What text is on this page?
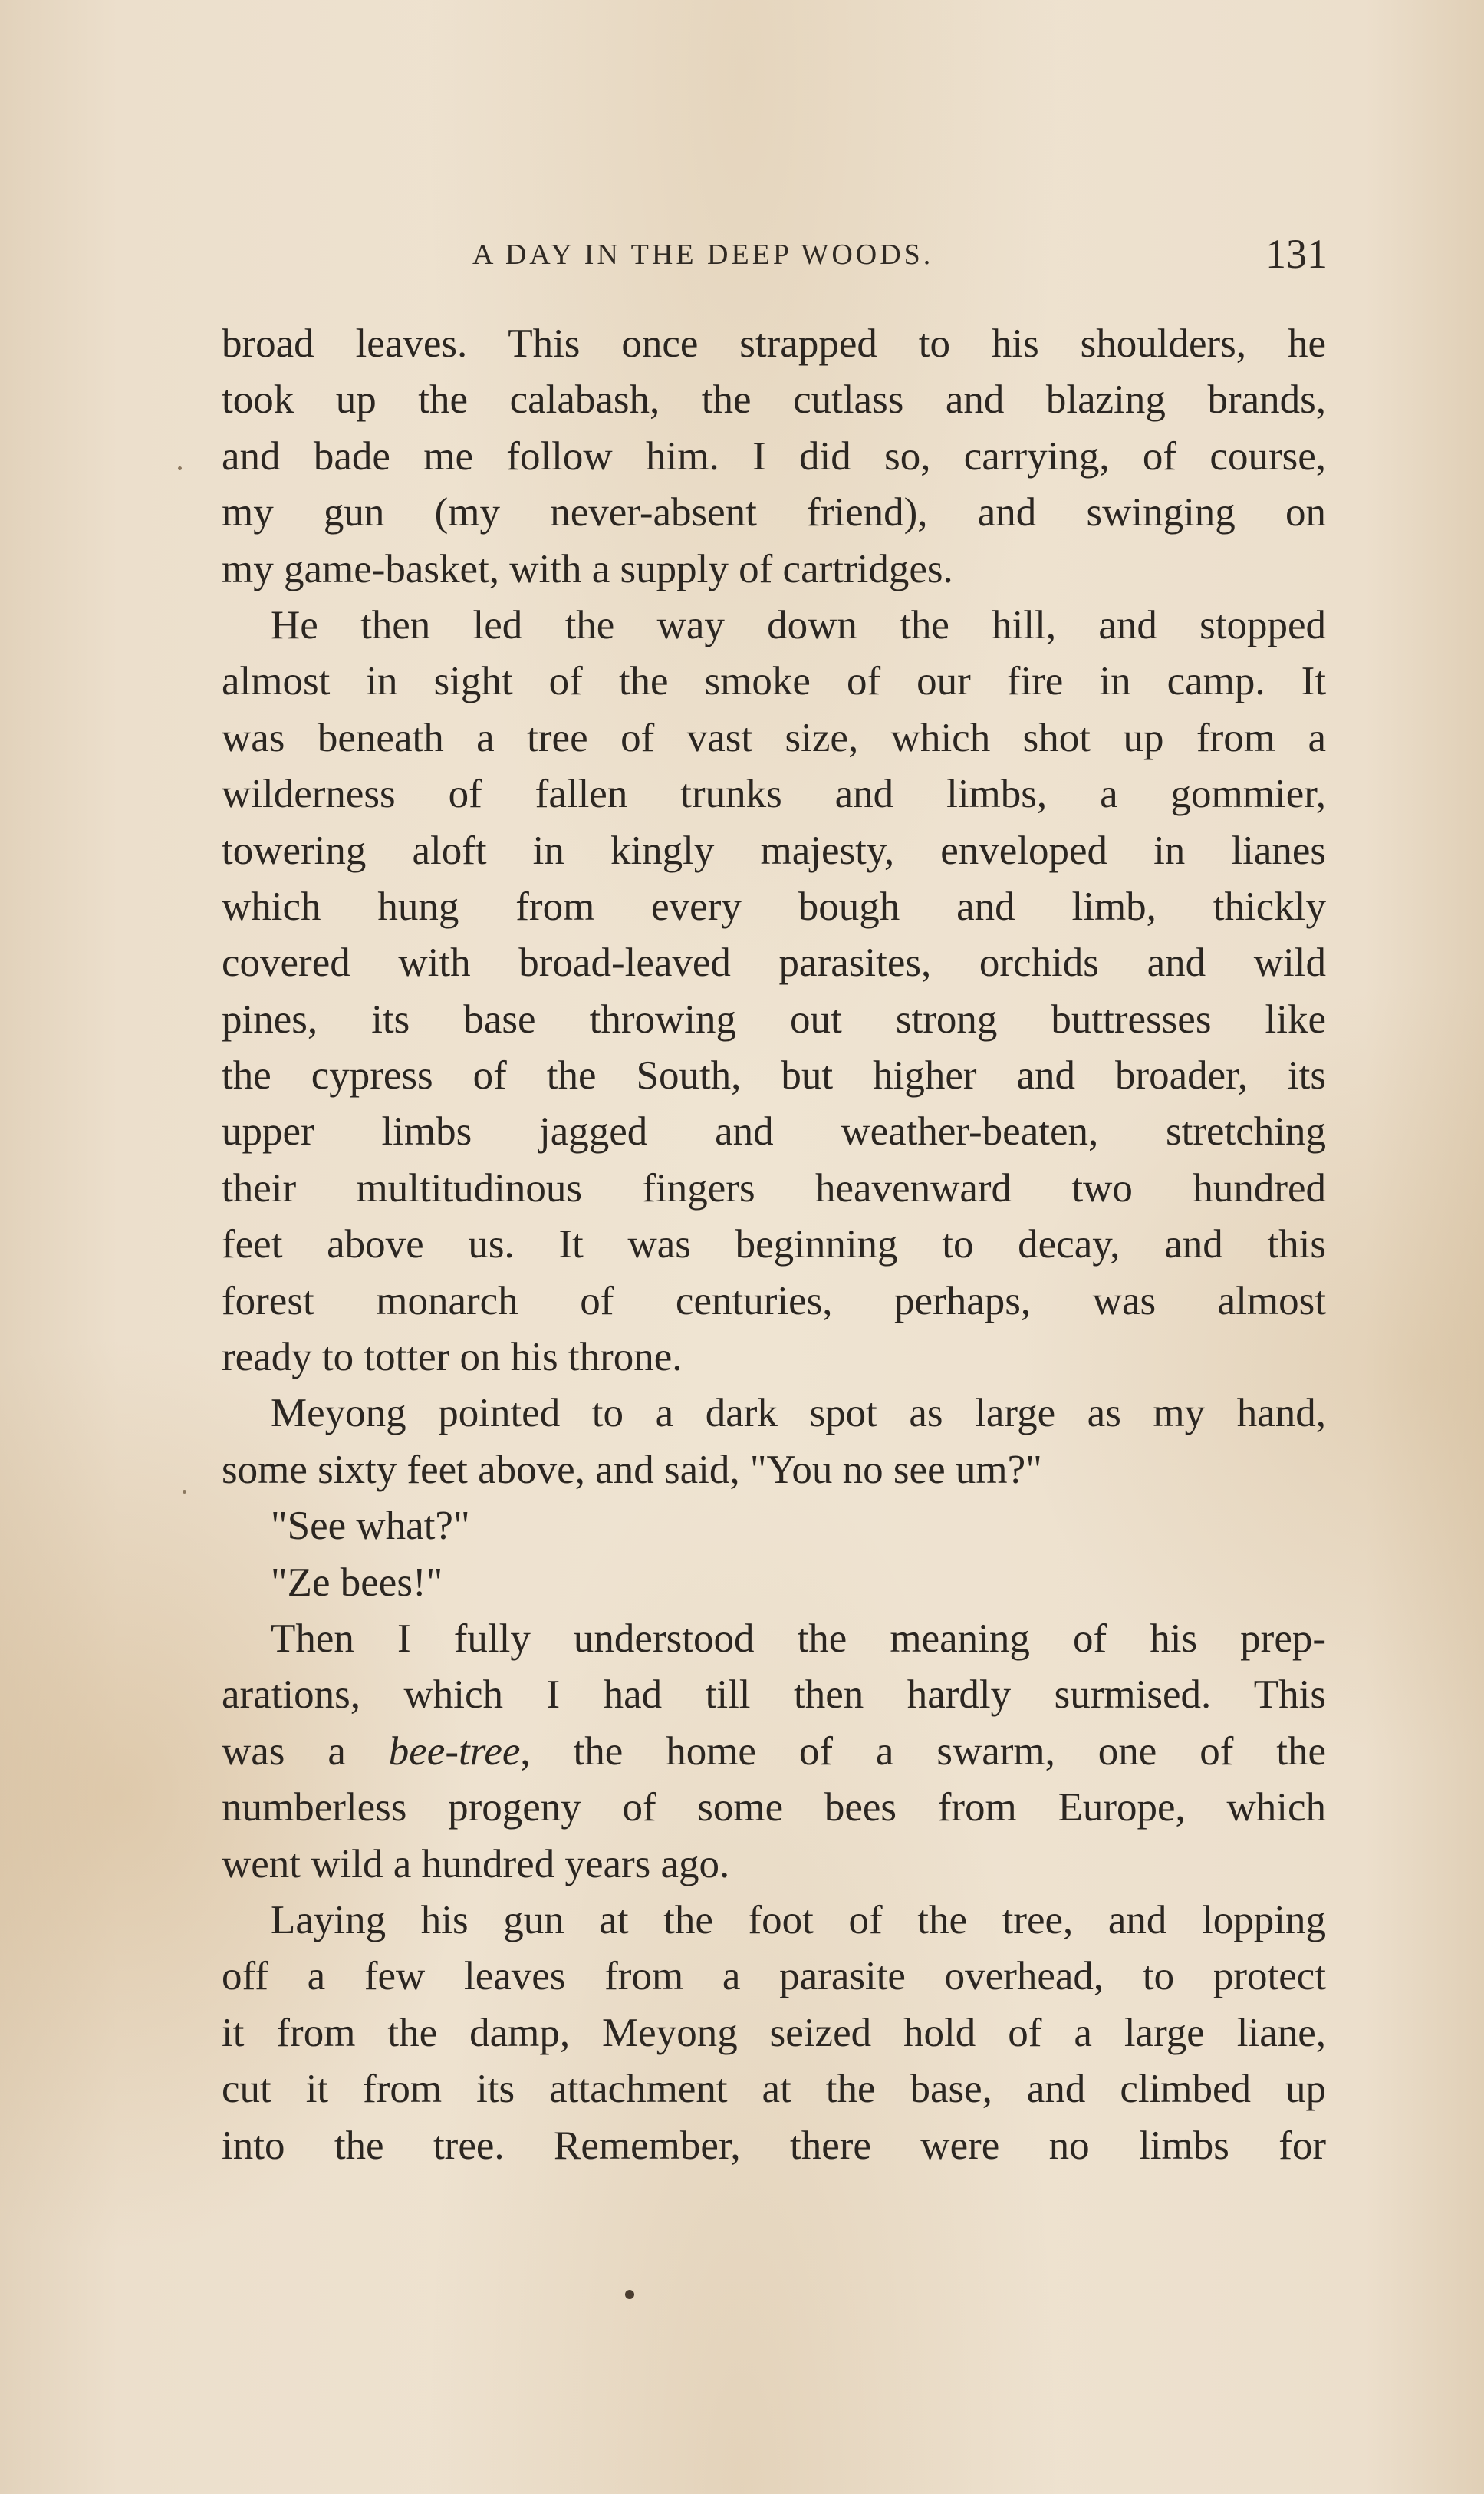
A DAY IN THE DEEP WOODS.	131
broad leaves. This once strapped to his shoulders, he
took up the calabash, the cutlass and blazing brands,
and bade me follow him. I did so, carrying, of course,
my gun (my never-absent friend), and swinging on
my game-basket, with a supply of cartridges.
He then led the way down the hill, and stopped
almost in sight of the smoke of our fire in camp. It
was beneath a tree of vast size, which shot up from a
wilderness of fallen trunks and limbs, a gommier,
towering aloft in kingly majesty, enveloped in lianes
which hung from every bough and limb, thickly
covered with broad-leaved parasites, orchids and wild
pines, its base throwing out strong buttresses like
the cypress of the South, but higher and broader, its
upper limbs jagged and weather-beaten, stretching
their multitudinous fingers heavenward two hundred
feet above us. It was beginning to decay, and this
forest monarch of centuries, perhaps, was almost
ready to totter on his throne.
Meyong pointed to a dark spot as large as my hand,
some sixty feet above, and said, "You no see um?"
"See what?"
"Ze bees!"
Then I fully understood the meaning of his prep-
arations, which I had till then hardly surmised. This
was a bee-tree, the home of a swarm, one of the
numberless progeny of some bees from Europe, which
went wild a hundred years ago.
Laying his gun at the foot of the tree, and lopping
off a few leaves from a parasite overhead, to protect
it from the damp, Meyong seized hold of a large liane,
cut it from its attachment at the base, and climbed up
into the tree. Remember, there were no limbs for
